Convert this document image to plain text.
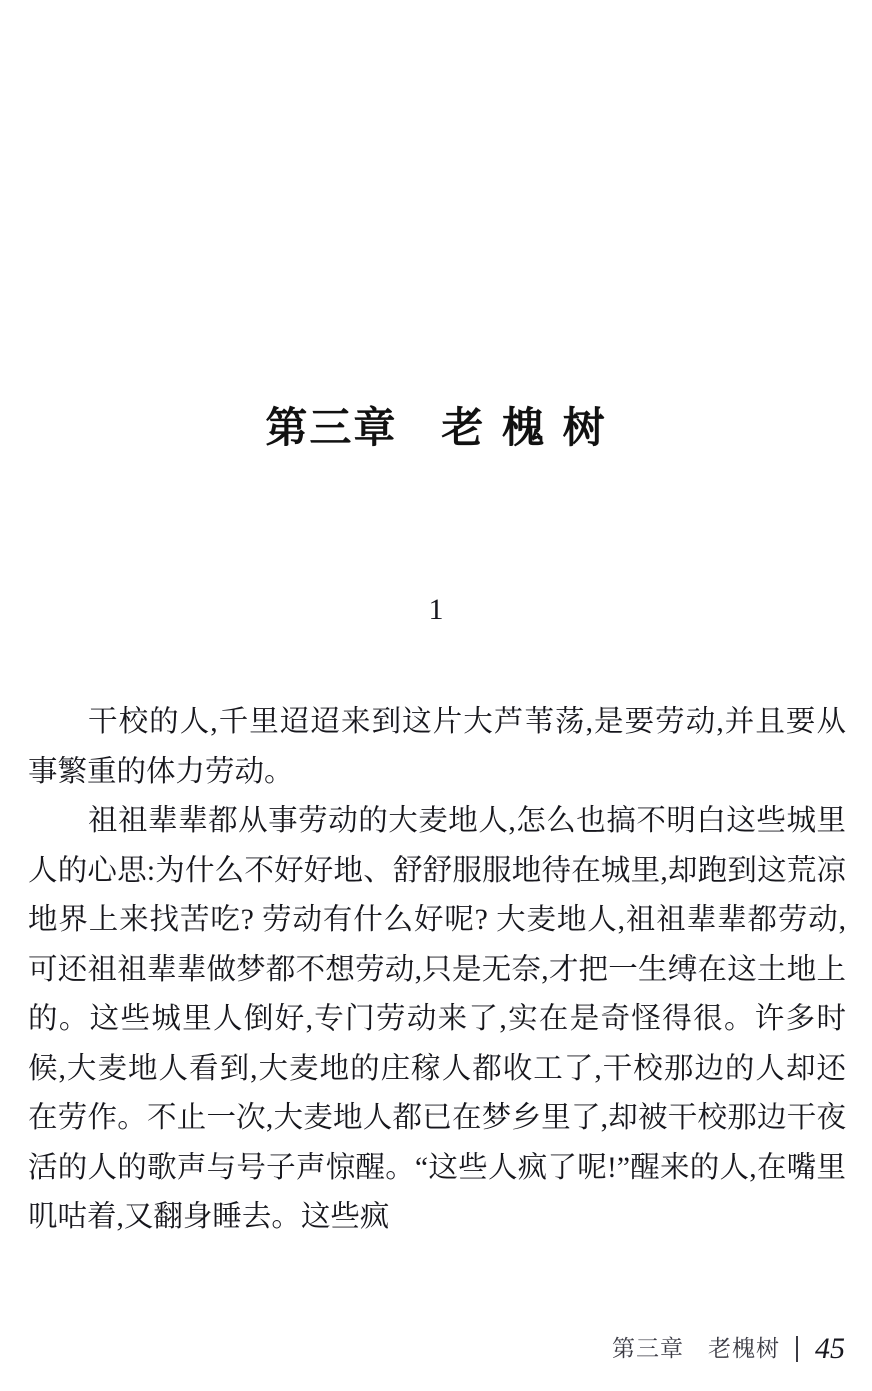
第三章　老 槐 树
1

干校的人,千里迢迢来到这片大芦苇荡,是要劳动,并且要从事繁重的体力劳动。

祖祖辈辈都从事劳动的大麦地人,怎么也搞不明白这些城里人的心思:为什么不好好地、舒舒服服地待在城里,却跑到这荒凉地界上来找苦吃? 劳动有什么好呢? 大麦地人,祖祖辈辈都劳动,可还祖祖辈辈做梦都不想劳动,只是无奈,才把一生缚在这土地上的。这些城里人倒好,专门劳动来了,实在是奇怪得很。许多时候,大麦地人看到,大麦地的庄稼人都收工了,干校那边的人却还在劳作。不止一次,大麦地人都已在梦乡里了,却被干校那边干夜活的人的歌声与号子声惊醒。“这些人疯了呢!”醒来的人,在嘴里叽咕着,又翻身睡去。这些疯

第三章　老槐树 45
